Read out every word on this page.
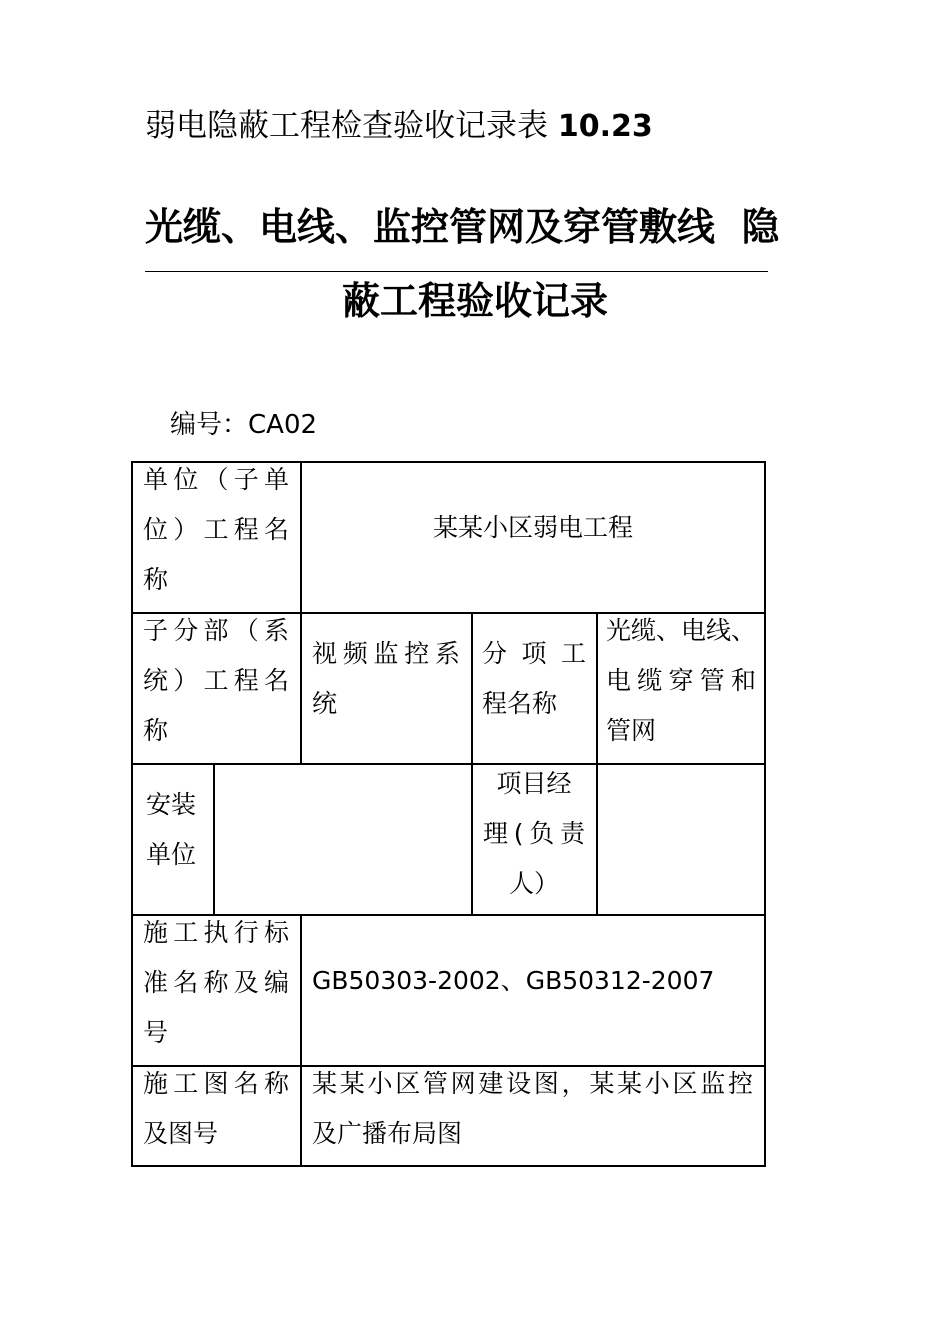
弱电隐蔽工程检查验收记录表 10.23
光缆、电线、监控管网及穿管敷线  隐
蔽工程验收记录
编号：CA02
单位（子单
位）工程名
称
某某小区弱电工程
子分部（系
统）工程名
称
视频监控系
统
分 项 工
程名称
光缆、电线、
电缆穿管和
管网
安装
单位
项目经
理(负责
人）
施工执行标
准名称及编
号
GB50303-2002、GB50312-2007
施工图名称
及图号
某某小区管网建设图，某某小区监控
及广播布局图
